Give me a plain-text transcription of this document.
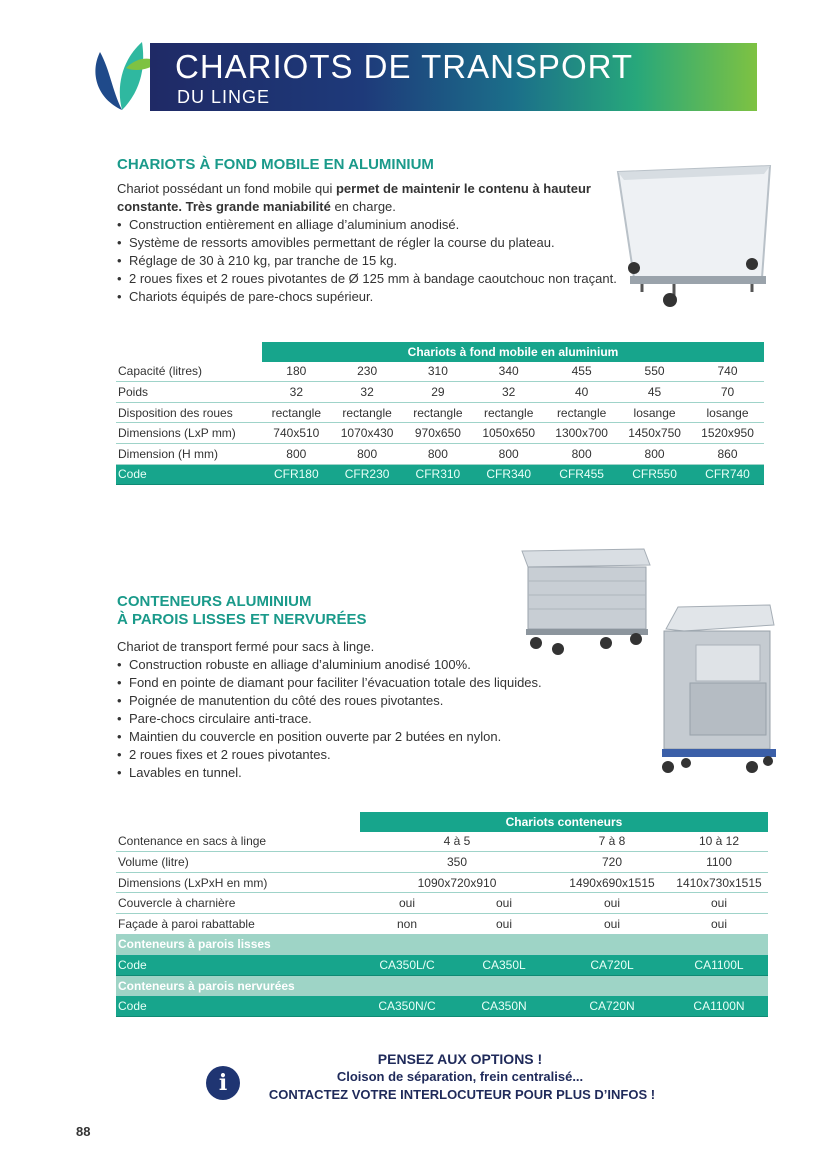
CHARIOTS DE TRANSPORT
DU LINGE
CHARIOTS À FOND MOBILE EN ALUMINIUM
Chariot possédant un fond mobile qui permet de maintenir le contenu à hauteur constante. Très grande maniabilité en charge.
• Construction entièrement en alliage d’aluminium anodisé.
• Système de ressorts amovibles permettant de régler la course du plateau.
• Réglage de 30 à 210 kg, par tranche de 15 kg.
• 2 roues fixes et 2 roues pivotantes de Ø 125 mm à bandage caoutchouc non traçant.
• Chariots équipés de pare-chocs supérieur.
	Chariots à fond mobile en aluminium						
Capacité (litres)	180	230	310	340	455	550	740
Poids	32	32	29	32	40	45	70
Disposition des roues	rectangle	rectangle	rectangle	rectangle	rectangle	losange	losange
Dimensions (LxP mm)	740x510	1070x430	970x650	1050x650	1300x700	1450x750	1520x950
Dimension (H mm)	800	800	800	800	800	800	860
Code	CFR180	CFR230	CFR310	CFR340	CFR455	CFR550	CFR740
CONTENEURS ALUMINIUM
À PAROIS LISSES ET NERVURÉES
Chariot de transport fermé pour sacs à linge.
• Construction robuste en alliage d’aluminium anodisé 100%.
• Fond en pointe de diamant pour faciliter l’évacuation totale des liquides.
• Poignée de manutention du côté des roues pivotantes.
• Pare-chocs circulaire anti-trace.
• Maintien du couvercle en position ouverte par 2 butées en nylon.
• 2 roues fixes et 2 roues pivotantes.
• Lavables en tunnel.
	Chariots conteneurs			
Contenance en sacs à linge	4 à 5		7 à 8	10 à 12
Volume (litre)	350		720	1100
Dimensions (LxPxH en mm)	1090x720x910		1490x690x1515	1410x730x1515
Couvercle à charnière	oui	oui	oui	oui
Façade à paroi rabattable	non	oui	oui	oui
Conteneurs à parois lisses				
Code	CA350L/C	CA350L	CA720L	CA1100L
Conteneurs à parois nervurées				
Code	CA350N/C	CA350N	CA720N	CA1100N
i
PENSEZ AUX OPTIONS !
Cloison de séparation, frein centralisé...
CONTACTEZ VOTRE INTERLOCUTEUR POUR PLUS D’INFOS !
88
